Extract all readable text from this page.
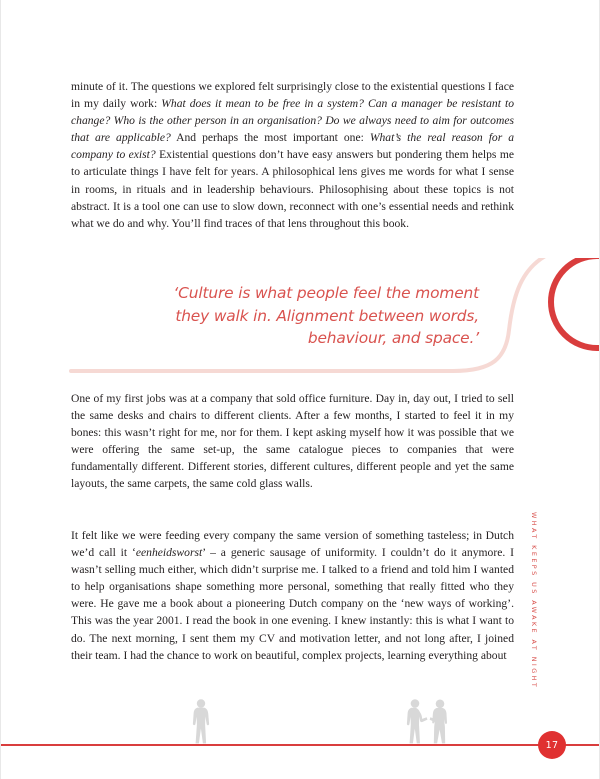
minute of it. The questions we explored felt surprisingly close to the existential questions I face in my daily work: What does it mean to be free in a system? Can a manager be resistant to change? Who is the other person in an organisation? Do we always need to aim for outcomes that are applicable? And perhaps the most important one: What’s the real reason for a company to exist? Existential questions don’t have easy answers but pondering them helps me to articulate things I have felt for years. A philosophical lens gives me words for what I sense in rooms, in rituals and in leadership behaviours. Philosophising about these topics is not abstract. It is a tool one can use to slow down, reconnect with one’s essential needs and rethink what we do and why. You’ll find traces of that lens throughout this book.

‘Culture is what people feel the moment they walk in. Alignment between words, behaviour, and space.’

One of my first jobs was at a company that sold office furniture. Day in, day out, I tried to sell the same desks and chairs to different clients. After a few months, I started to feel it in my bones: this wasn’t right for me, nor for them. I kept asking myself how it was possible that we were offering the same set-up, the same catalogue pieces to companies that were fundamentally different. Different stories, different cultures, different people and yet the same layouts, the same carpets, the same cold glass walls.

It felt like we were feeding every company the same version of something tasteless; in Dutch we’d call it ‘eenheidsworst’ – a generic sausage of uniformity. I couldn’t do it anymore. I wasn’t selling much either, which didn’t surprise me. I talked to a friend and told him I wanted to help organisations shape something more personal, something that really fitted who they were. He gave me a book about a pioneering Dutch company on the ‘new ways of working’. This was the year 2001. I read the book in one evening. I knew instantly: this is what I want to do. The next morning, I sent them my CV and motivation letter, and not long after, I joined their team. I had the chance to work on beautiful, complex projects, learning everything about	WHAT KEEPS US AWAKE AT NIGHT
17
